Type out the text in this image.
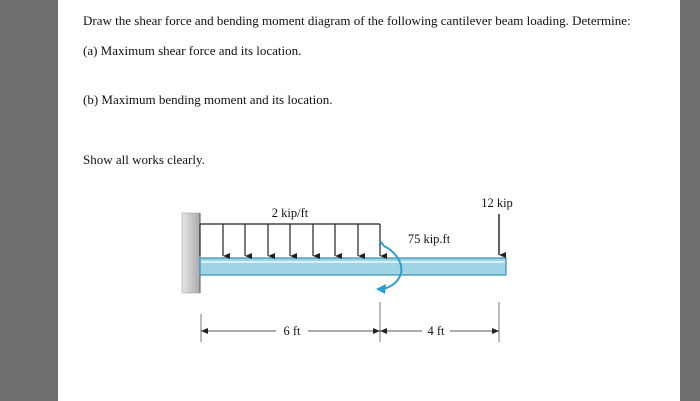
Draw the shear force and bending moment diagram of the following cantilever beam loading. Determine:
(a) Maximum shear force and its location.
(b) Maximum bending moment and its location.
Show all works clearly.
2 kip/ft
75 kip.ft
12 kip
6 ft	4 ft
